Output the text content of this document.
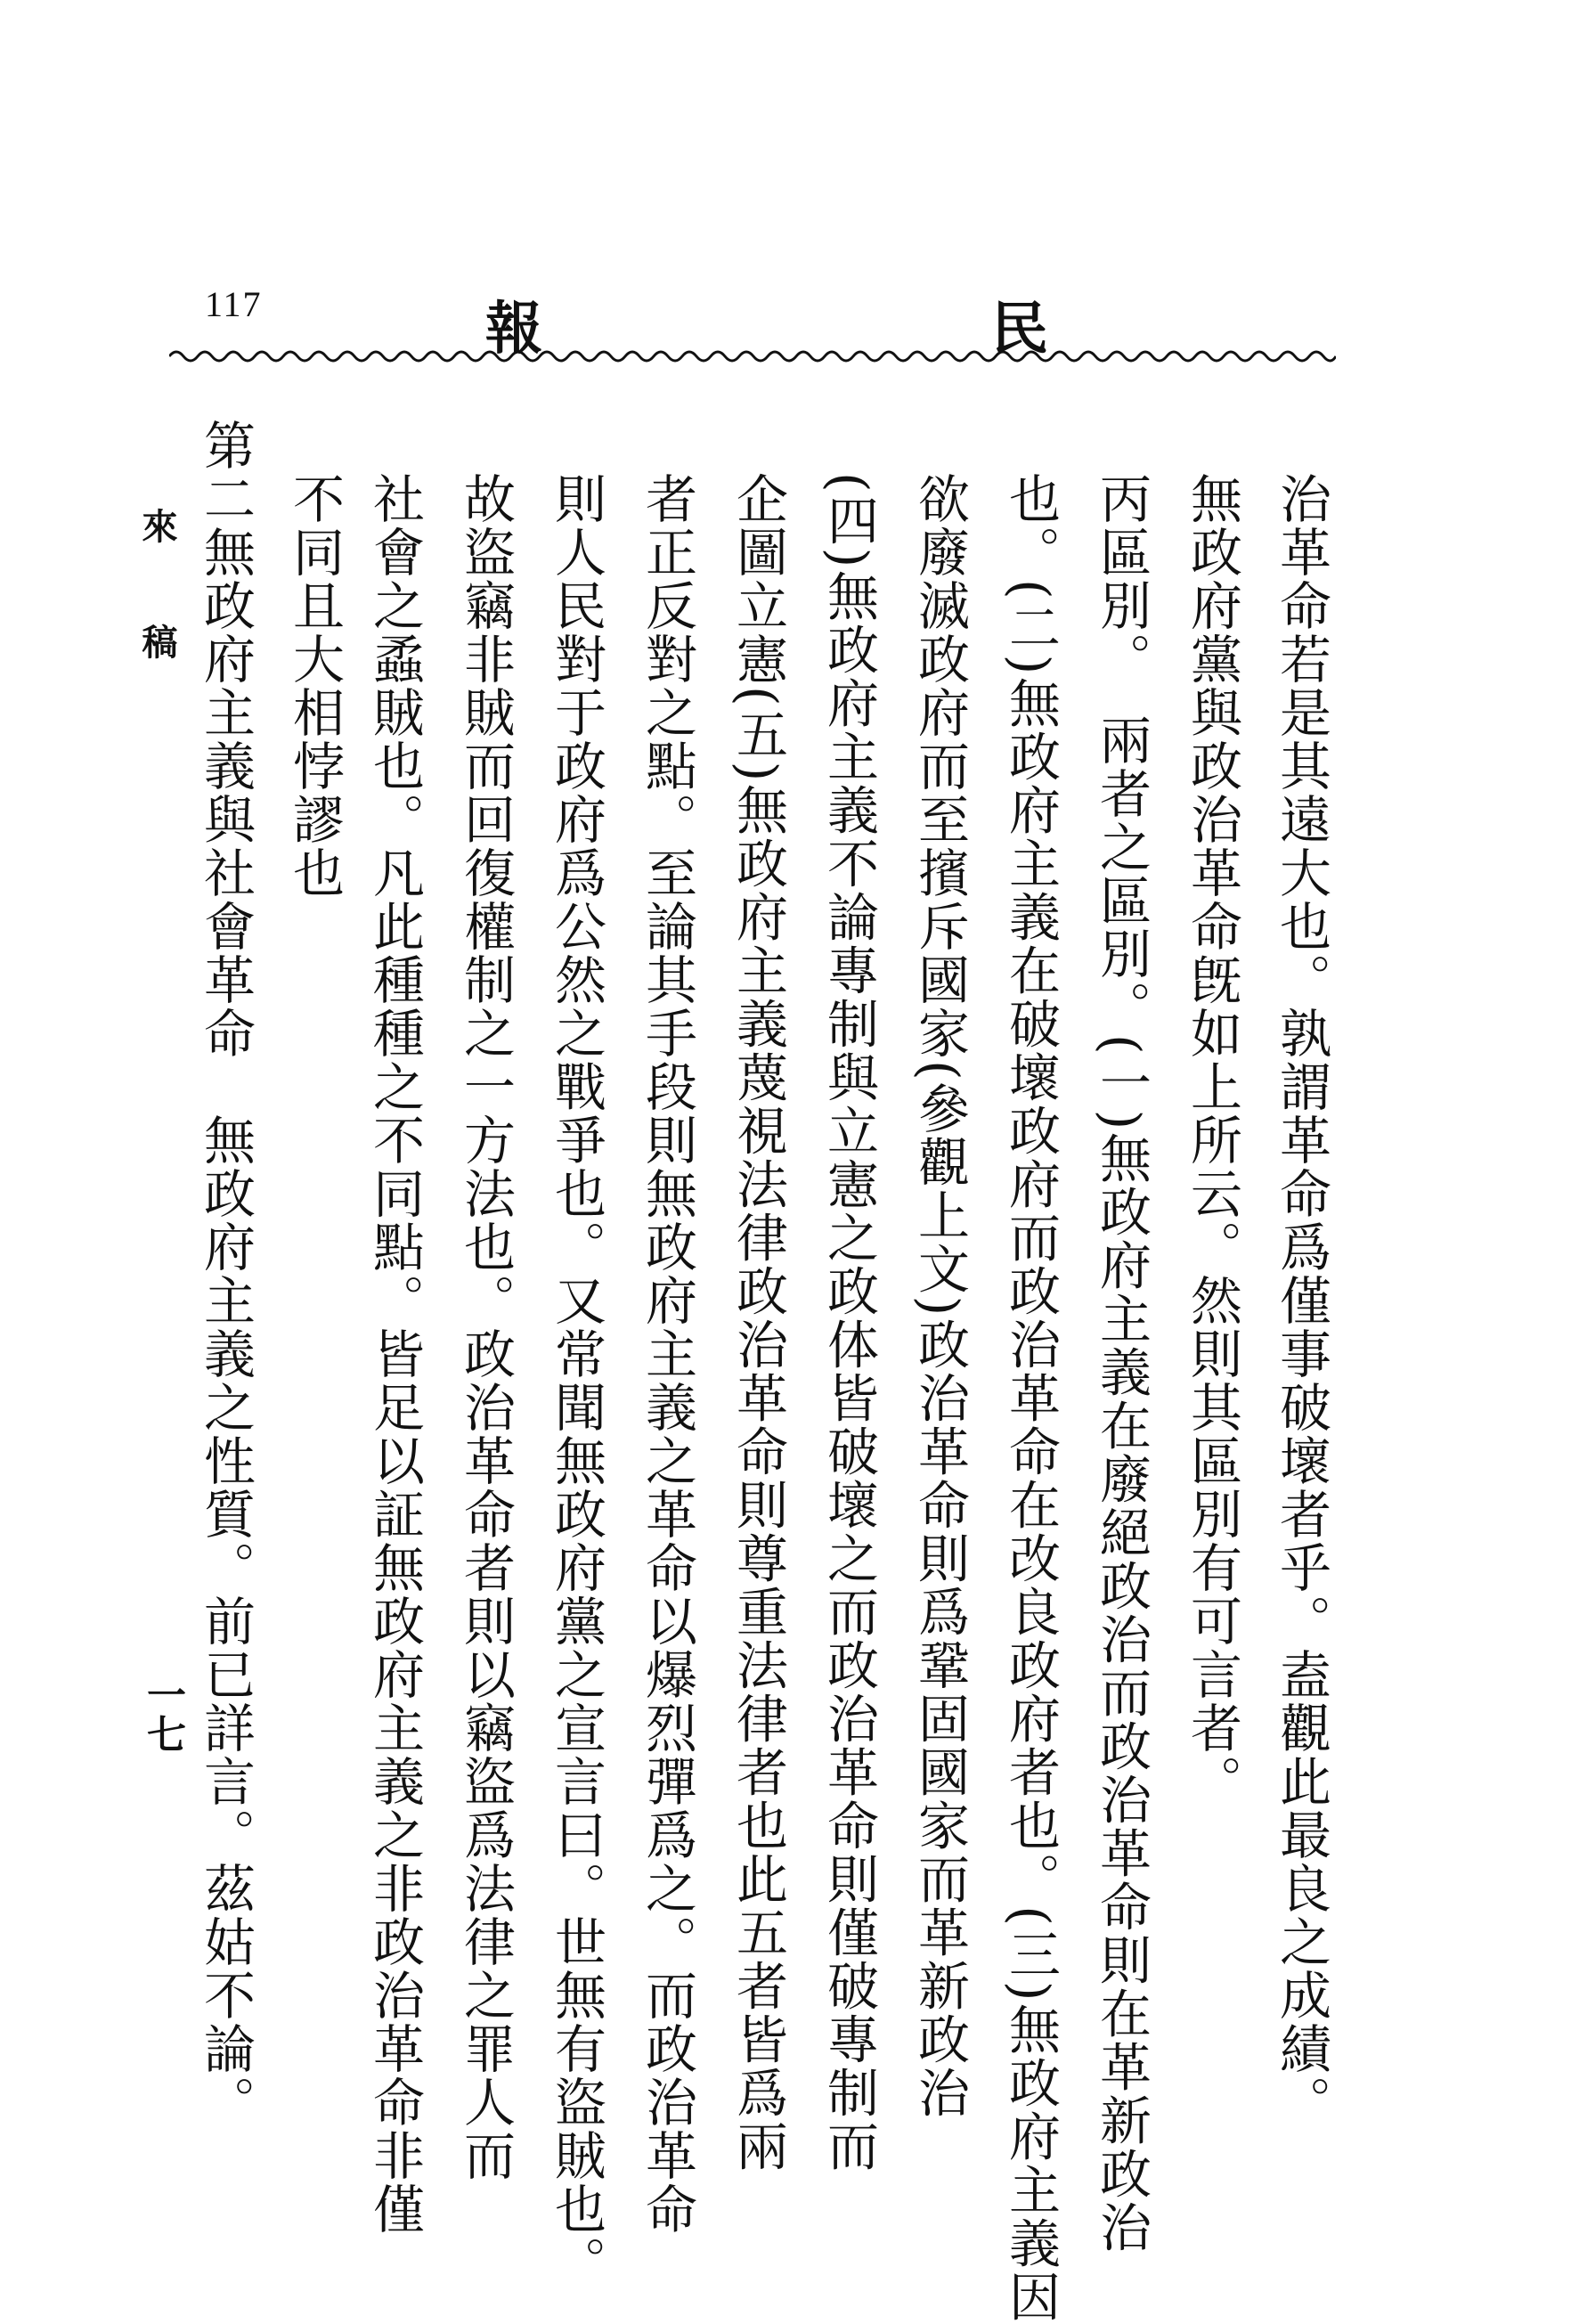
117	報	民
治革命若是其遠大也。孰謂革命爲僅事破壞者乎。盍觀此最良之成績。
無政府黨與政治革命旣如上所云。然則其區別有可言者。
丙區別。　兩者之區別。(一)無政府主義在廢絕政治而政治革命則在革新政治
也。(二)無政府主義在破壞政府而政治革命在改良政府者也。(三)無政府主義因
欲廢滅政府而至擯斥國家(參觀上文)政治革命則爲鞏固國家而革新政治
(四)無政府主義不論專制與立憲之政体皆破壞之而政治革命則僅破專制而
企圖立憲(五)無政府主義蔑視法律政治革命則尊重法律者也此五者皆爲兩
者正反對之點。至論其手段則無政府主義之革命以爆烈彈爲之。而政治革命
則人民對于政府爲公然之戰爭也。又常聞無政府黨之宣言曰。世無有盜賊也。
故盜竊非賊而回復權制之一方法也。政治革命者則以竊盜爲法律之罪人而
社會之蟊賊也。凡此種種之不同點。皆足以証無政府主義之非政治革命非僅
不同且大相悖謬也
第二無政府主義與社會革命　無政府主義之性質。前已詳言。茲姑不論。
來稿
一七
